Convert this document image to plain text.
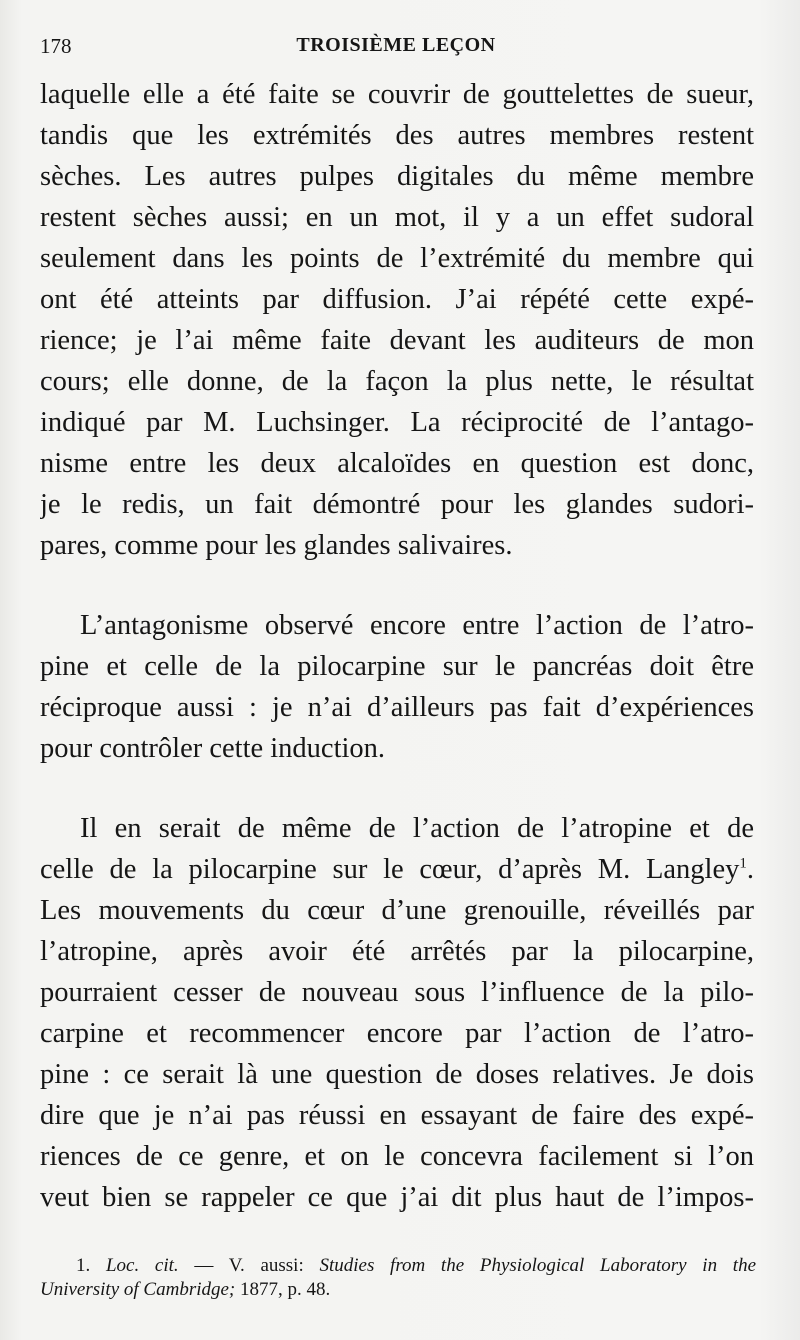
178	TROISIÈME LEÇON
laquelle elle a été faite se couvrir de gouttelettes de sueur,
tandis que les extrémités des autres membres restent
sèches. Les autres pulpes digitales du même membre
restent sèches aussi; en un mot, il y a un effet sudoral
seulement dans les points de l’extrémité du membre qui
ont été atteints par diffusion. J’ai répété cette expé-
rience; je l’ai même faite devant les auditeurs de mon
cours; elle donne, de la façon la plus nette, le résultat
indiqué par M. Luchsinger. La réciprocité de l’antago-
nisme entre les deux alcaloïdes en question est donc,
je le redis, un fait démontré pour les glandes sudori-
pares, comme pour les glandes salivaires.
L’antagonisme observé encore entre l’action de l’atro-
pine et celle de la pilocarpine sur le pancréas doit être
réciproque aussi : je n’ai d’ailleurs pas fait d’expériences
pour contrôler cette induction.
Il en serait de même de l’action de l’atropine et de
celle de la pilocarpine sur le cœur, d’après M. Langley$^1$.
Les mouvements du cœur d’une grenouille, réveillés par
l’atropine, après avoir été arrêtés par la pilocarpine,
pourraient cesser de nouveau sous l’influence de la pilo-
carpine et recommencer encore par l’action de l’atro-
pine : ce serait là une question de doses relatives. Je dois
dire que je n’ai pas réussi en essayant de faire des expé-
riences de ce genre, et on le concevra facilement si l’on
veut bien se rappeler ce que j’ai dit plus haut de l’impos-
1. Loc. cit. — V. aussi: Studies from the Physiological Laboratory in the
University of Cambridge; 1877, p. 48.
